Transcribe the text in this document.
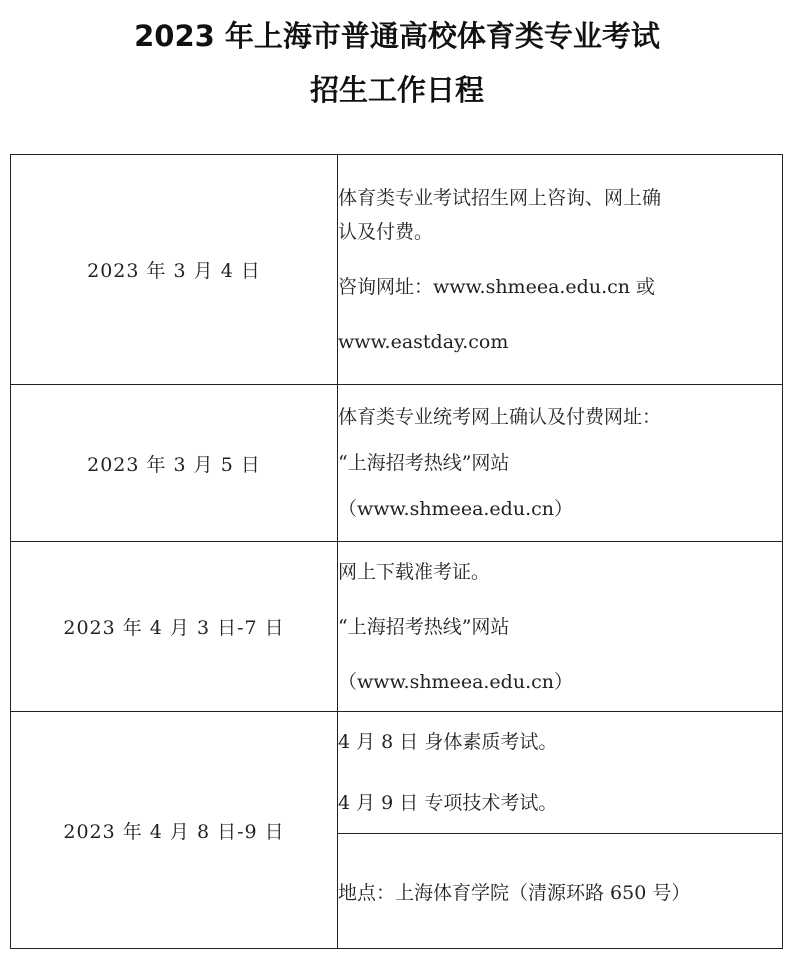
2023 年上海市普通高校体育类专业考试
招生工作日程
2023 年 3 月 4 日	体育类专业考试招生网上咨询、网上确
认及付费。
咨询网址：www.shmeea.edu.cn 或
www.eastday.com

2023 年 3 月 5 日	体育类专业统考网上确认及付费网址：
“上海招考热线”网站
（www.shmeea.edu.cn）

2023 年 4 月 3 日-7 日	网上下载准考证。
“上海招考热线”网站
（www.shmeea.edu.cn）

2023 年 4 月 8 日-9 日	4 月 8 日 身体素质考试。
4 月 9 日 专项技术考试。

	地点：上海体育学院（清源环路 650 号）
